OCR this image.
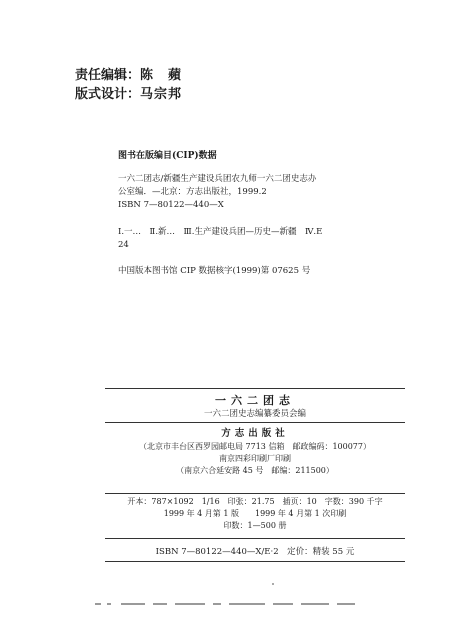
责任编辑：陈　蘋
版式设计：马宗邦
图书在版编目(CIP)数据
一六二团志/新疆生产建设兵团农九师一六二团史志办
公室编．—北京：方志出版社，1999.2
ISBN 7—80122—440—X
Ⅰ.一…　Ⅱ.新…　Ⅲ.生产建设兵团—历史—新疆　Ⅳ.E
24
中国版本图书馆 CIP 数据核字(1999)第 07625 号
一六二团志
一六二团史志编纂委员会编
方志出版社
（北京市丰台区西罗园邮电局 7713 信箱　邮政编码：100077）
南京四彩印刷厂印刷
（南京六合延安路 45 号　邮编：211500）
开本：787×1092　1/16　印张：21.75　插页：10　字数：390 千字
1999 年 4 月第 1 版　　1999 年 4 月第 1 次印刷
印数：1—500 册
ISBN 7—80122—440—X/E·2　定价：精装 55 元
